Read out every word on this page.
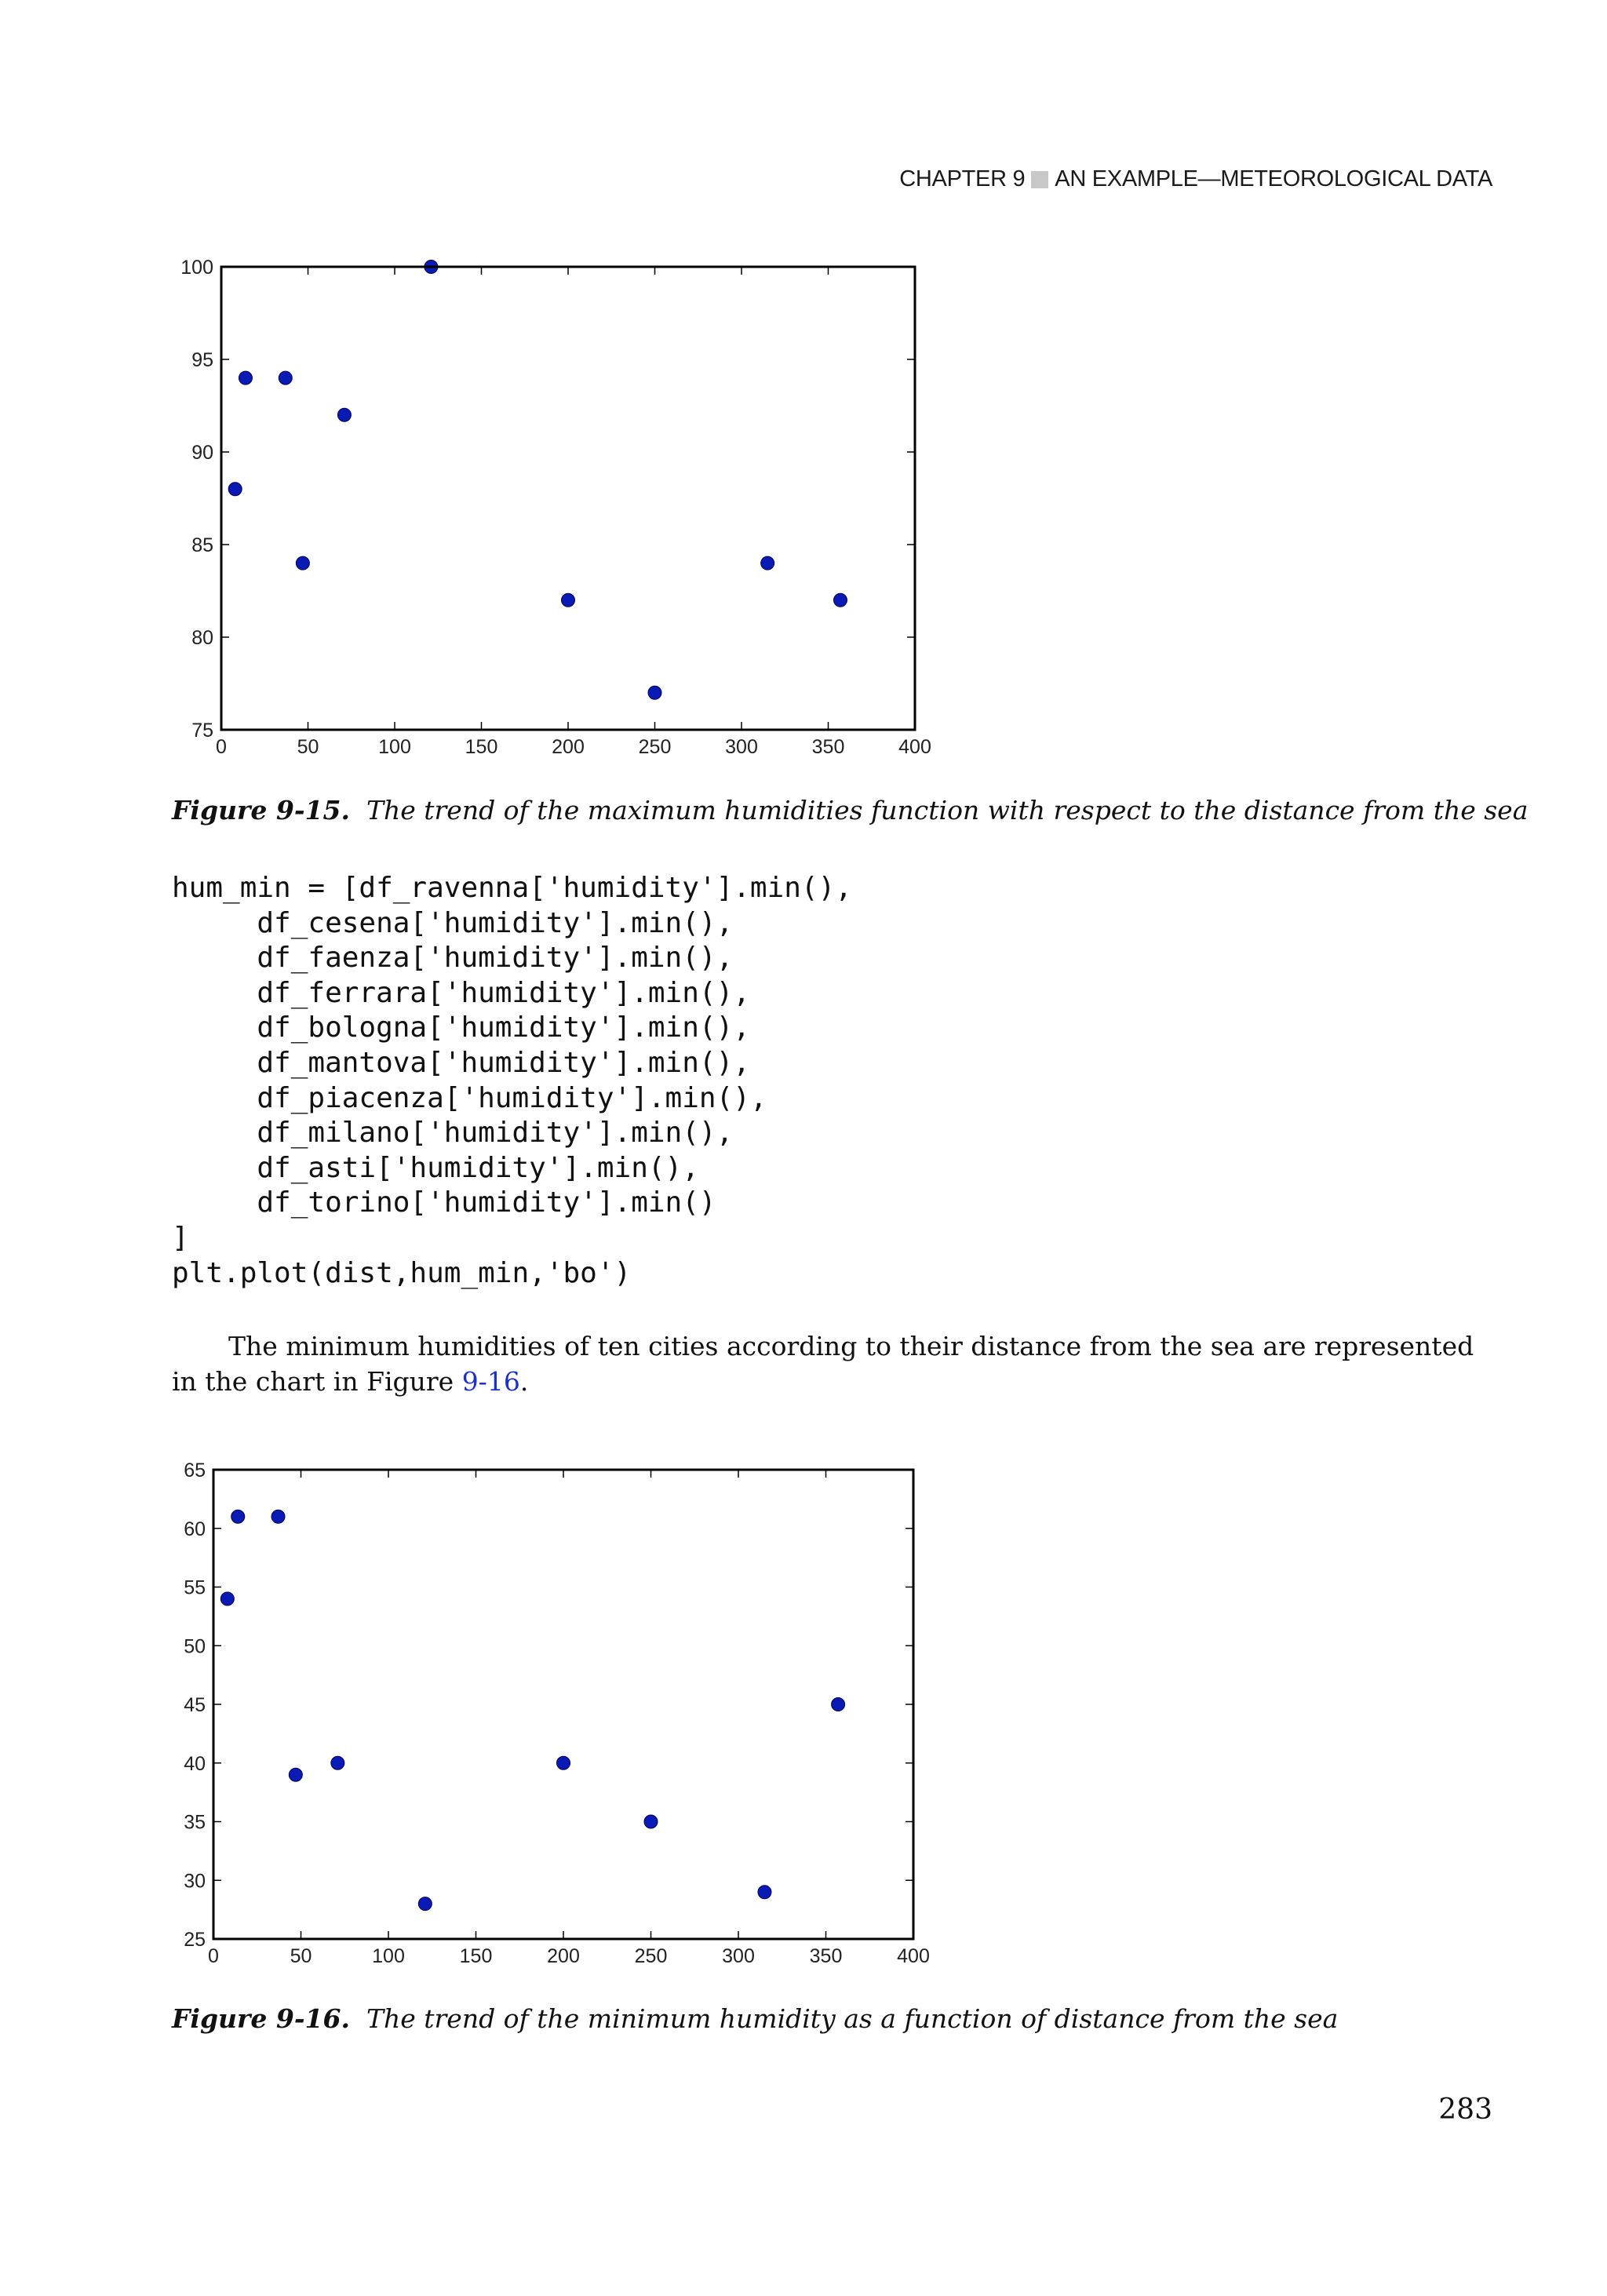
CHAPTER 9 AN EXAMPLE—METEOROLOGICAL DATA
0	50	100	150	200	250	300	350	400
75
80
85
90
95
100
Figure 9-15. The trend of the maximum humidities function with respect to the distance from the sea
hum_min = [df_ravenna['humidity'].min(),
df_cesena['humidity'].min(),
df_faenza['humidity'].min(),
df_ferrara['humidity'].min(),
df_bologna['humidity'].min(),
df_mantova['humidity'].min(),
df_piacenza['humidity'].min(),
df_milano['humidity'].min(),
df_asti['humidity'].min(),
df_torino['humidity'].min()
]
plt.plot(dist,hum_min,'bo')
The minimum humidities of ten cities according to their distance from the sea are represented in the chart in Figure 9-16.
0	50	100	150	200	250	300	350	400
25
30
35
40
45
50
55
60
65
Figure 9-16. The trend of the minimum humidity as a function of distance from the sea
283
